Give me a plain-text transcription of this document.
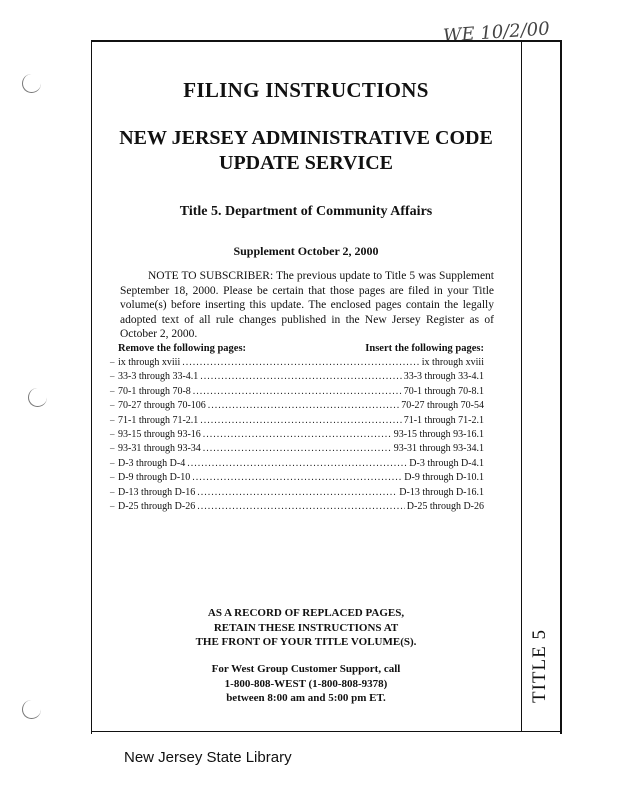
WE 10/2/00
TITLE 5
FILING INSTRUCTIONS
NEW JERSEY ADMINISTRATIVE CODE
UPDATE SERVICE
Title 5. Department of Community Affairs
Supplement October 2, 2000
NOTE TO SUBSCRIBER: The previous update to Title 5 was Supplement September 18, 2000. Please be certain that those pages are filed in your Title volume(s) before inserting this update. The enclosed pages contain the legally adopted text of all rule changes published in the New Jersey Register as of October 2, 2000.
Remove the following pages:	Insert the following pages:
– ix through xviii .....	ix through xviii
– 33-3 through 33-4.1 .....	33-3 through 33-4.1
– 70-1 through 70-8 .....	70-1 through 70-8.1
– 70-27 through 70-106 .....	70-27 through 70-54
– 71-1 through 71-2.1 .....	71-1 through 71-2.1
– 93-15 through 93-16 .....	93-15 through 93-16.1
– 93-31 through 93-34 .....	93-31 through 93-34.1
– D-3 through D-4 .....	D-3 through D-4.1
– D-9 through D-10 .....	D-9 through D-10.1
– D-13 through D-16 .....	D-13 through D-16.1
– D-25 through D-26 .....	D-25 through D-26
AS A RECORD OF REPLACED PAGES,
RETAIN THESE INSTRUCTIONS AT
THE FRONT OF YOUR TITLE VOLUME(S).
For West Group Customer Support, call
1-800-808-WEST (1-800-808-9378)
between 8:00 am and 5:00 pm ET.
New Jersey State Library
